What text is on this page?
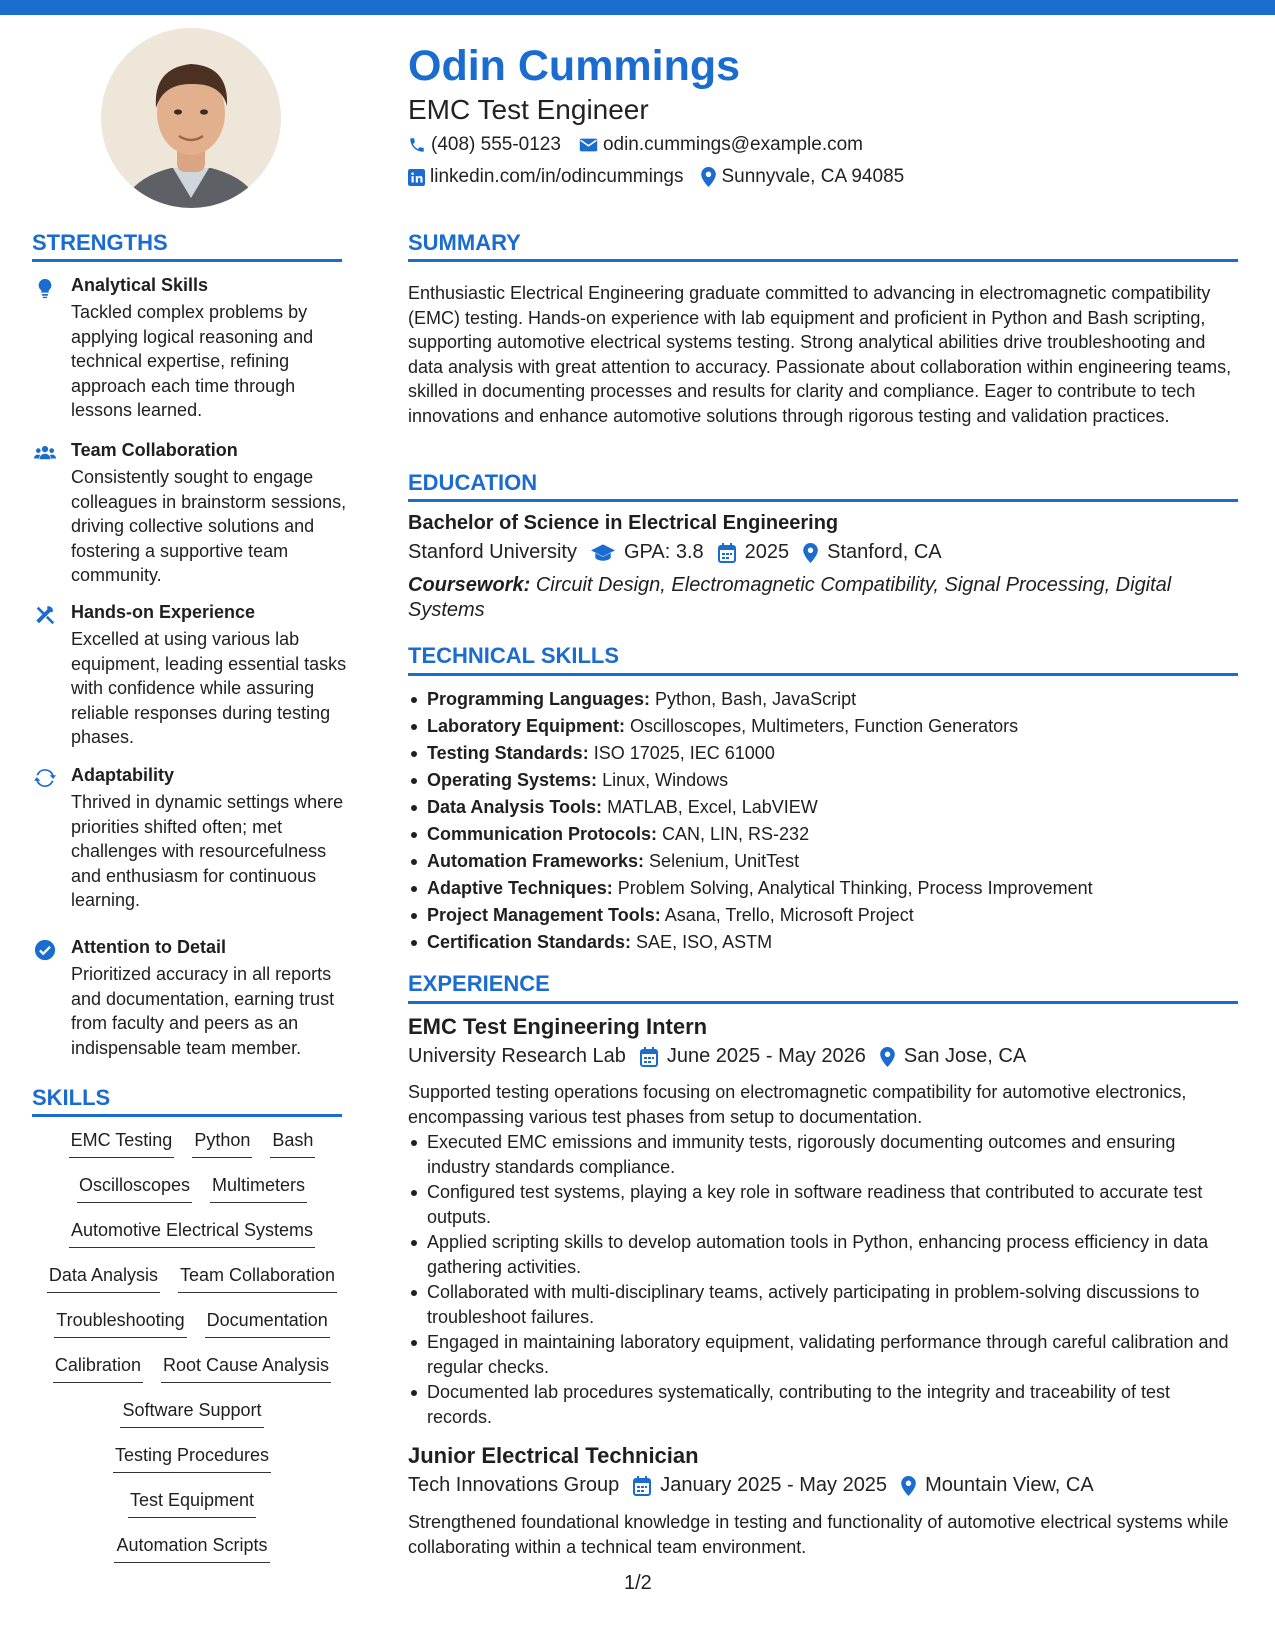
Odin Cummings
EMC Test Engineer
(408) 555-0123 odin.cummings@example.com
linkedin.com/in/odincummings Sunnyvale, CA 94085
STRENGTHS
Analytical Skills
Tackled complex problems by applying logical reasoning and technical expertise, refining approach each time through lessons learned.
Team Collaboration
Consistently sought to engage colleagues in brainstorm sessions, driving collective solutions and fostering a supportive team community.
Hands-on Experience
Excelled at using various lab equipment, leading essential tasks with confidence while assuring reliable responses during testing phases.
Adaptability
Thrived in dynamic settings where priorities shifted often; met challenges with resourcefulness and enthusiasm for continuous learning.
Attention to Detail
Prioritized accuracy in all reports and documentation, earning trust from faculty and peers as an indispensable team member.
SKILLS
EMC Testing Python Bash
Oscilloscopes Multimeters
Automotive Electrical Systems
Data Analysis Team Collaboration
Troubleshooting Documentation
Calibration Root Cause Analysis
Software Support
Testing Procedures
Test Equipment
Automation Scripts
SUMMARY
Enthusiastic Electrical Engineering graduate committed to advancing in electromagnetic compatibility (EMC) testing. Hands-on experience with lab equipment and proficient in Python and Bash scripting, supporting automotive electrical systems testing. Strong analytical abilities drive troubleshooting and data analysis with great attention to accuracy. Passionate about collaboration within engineering teams, skilled in documenting processes and results for clarity and compliance. Eager to contribute to tech innovations and enhance automotive solutions through rigorous testing and validation practices.
EDUCATION
Bachelor of Science in Electrical Engineering
Stanford University GPA: 3.8 2025 Stanford, CA
Coursework: Circuit Design, Electromagnetic Compatibility, Signal Processing, Digital Systems
TECHNICAL SKILLS
Programming Languages: Python, Bash, JavaScript
Laboratory Equipment: Oscilloscopes, Multimeters, Function Generators
Testing Standards: ISO 17025, IEC 61000
Operating Systems: Linux, Windows
Data Analysis Tools: MATLAB, Excel, LabVIEW
Communication Protocols: CAN, LIN, RS-232
Automation Frameworks: Selenium, UnitTest
Adaptive Techniques: Problem Solving, Analytical Thinking, Process Improvement
Project Management Tools: Asana, Trello, Microsoft Project
Certification Standards: SAE, ISO, ASTM
EXPERIENCE
EMC Test Engineering Intern
University Research Lab June 2025 - May 2026 San Jose, CA
Supported testing operations focusing on electromagnetic compatibility for automotive electronics, encompassing various test phases from setup to documentation.
Executed EMC emissions and immunity tests, rigorously documenting outcomes and ensuring industry standards compliance.
Configured test systems, playing a key role in software readiness that contributed to accurate test outputs.
Applied scripting skills to develop automation tools in Python, enhancing process efficiency in data gathering activities.
Collaborated with multi-disciplinary teams, actively participating in problem-solving discussions to troubleshoot failures.
Engaged in maintaining laboratory equipment, validating performance through careful calibration and regular checks.
Documented lab procedures systematically, contributing to the integrity and traceability of test records.
Junior Electrical Technician
Tech Innovations Group January 2025 - May 2025 Mountain View, CA
Strengthened foundational knowledge in testing and functionality of automotive electrical systems while collaborating within a technical team environment.
1/2
